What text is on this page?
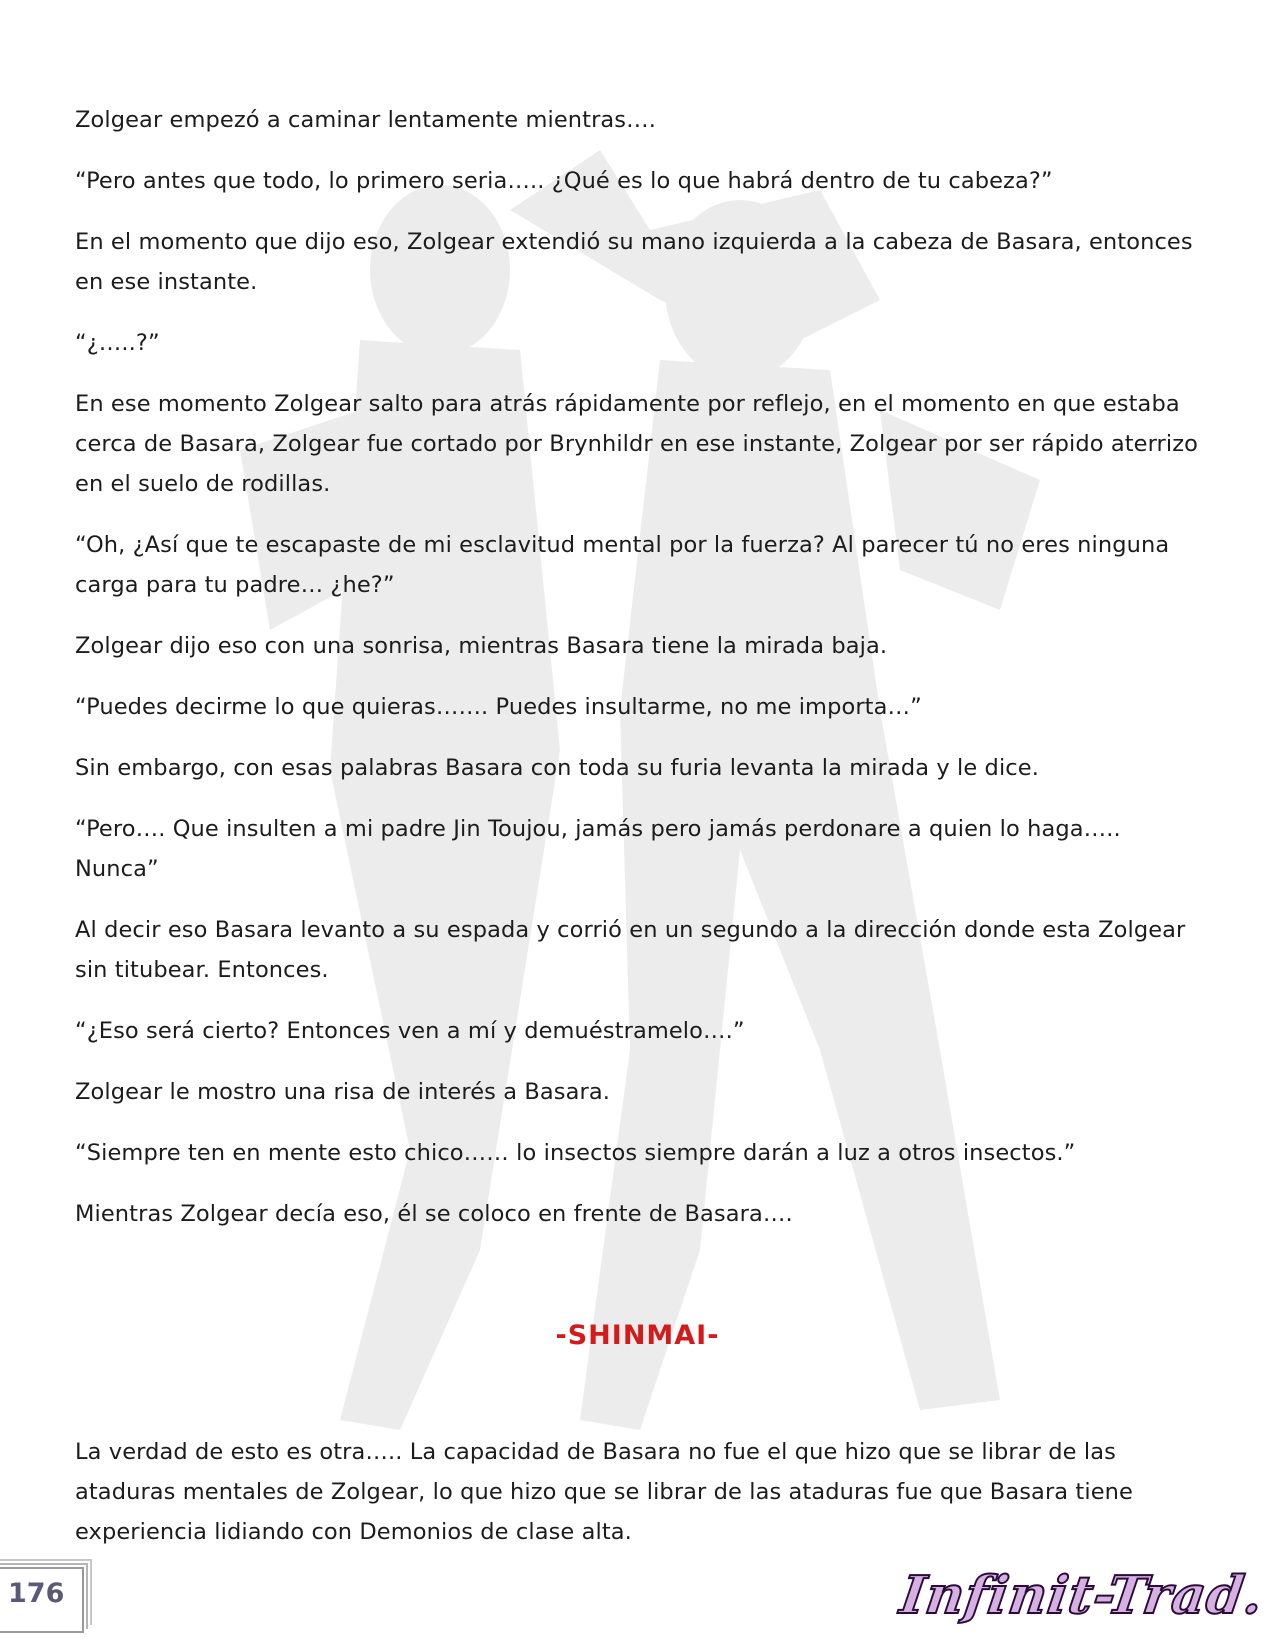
Zolgear empezó a caminar lentamente mientras….

“Pero antes que todo, lo primero seria….. ¿Qué es lo que habrá dentro de tu cabeza?”

En el momento que dijo eso, Zolgear extendió su mano izquierda a la cabeza de Basara, entonces en ese instante.

“¿…..?”

En ese momento Zolgear salto para atrás rápidamente por reflejo, en el momento en que estaba cerca de Basara, Zolgear fue cortado por Brynhildr en ese instante, Zolgear por ser rápido aterrizo en el suelo de rodillas.

“Oh, ¿Así que te escapaste de mi esclavitud mental por la fuerza? Al parecer tú no eres ninguna carga para tu padre… ¿he?”

Zolgear dijo eso con una sonrisa, mientras Basara tiene la mirada baja.

“Puedes decirme lo que quieras……. Puedes insultarme, no me importa…”

Sin embargo, con esas palabras Basara con toda su furia levanta la mirada y le dice.

“Pero…. Que insulten a mi padre Jin Toujou, jamás pero jamás perdonare a quien lo haga….. Nunca”

Al decir eso Basara levanto a su espada y corrió en un segundo a la dirección donde esta Zolgear sin titubear. Entonces.

“¿Eso será cierto? Entonces ven a mí y demuéstramelo….”

Zolgear le mostro una risa de interés a Basara.

“Siempre ten en mente esto chico…… lo insectos siempre darán a luz a otros insectos.”

Mientras Zolgear decía eso, él se coloco en frente de Basara….

-SHINMAI-

La verdad de esto es otra….. La capacidad de Basara no fue el que hizo que se librar de las ataduras mentales de Zolgear, lo que hizo que se librar de las ataduras fue que Basara tiene experiencia lidiando con Demonios de clase alta.

176	Infinit-Trad.
